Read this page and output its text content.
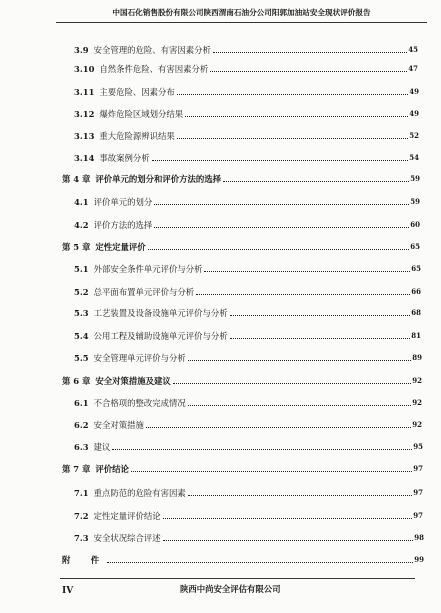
中国石化销售股份有限公司陕西渭南石油分公司阳郭加油站安全现状评价报告
3.9 安全管理的危险、有害因素分析	45
3.10 自然条件危险、有害因素分析	47
3.11 主要危险、因素分布	49
3.12 爆炸危险区域划分结果	49
3.13 重大危险源辨识结果	52
3.14 事故案例分析	54
第 4 章 评价单元的划分和评价方法的选择	59
4.1 评价单元的划分	59
4.2 评价方法的选择	60
第 5 章 定性定量评价	65
5.1 外部安全条件单元评价与分析	65
5.2 总平面布置单元评价与分析	66
5.3 工艺装置及设备设施单元评价与分析	68
5.4 公用工程及辅助设施单元评价与分析	81
5.5 安全管理单元评价与分析	89
第 6 章 安全对策措施及建议	92
6.1 不合格项的整改完成情况	92
6.2 安全对策措施	92
6.3 建议	95
第 7 章 评价结论	97
7.1 重点防范的危险有害因素	97
7.2 定性定量评价结论	97
7.3 安全状况综合评述	98
附　件	99
IV	陕西中尚安全评估有限公司
